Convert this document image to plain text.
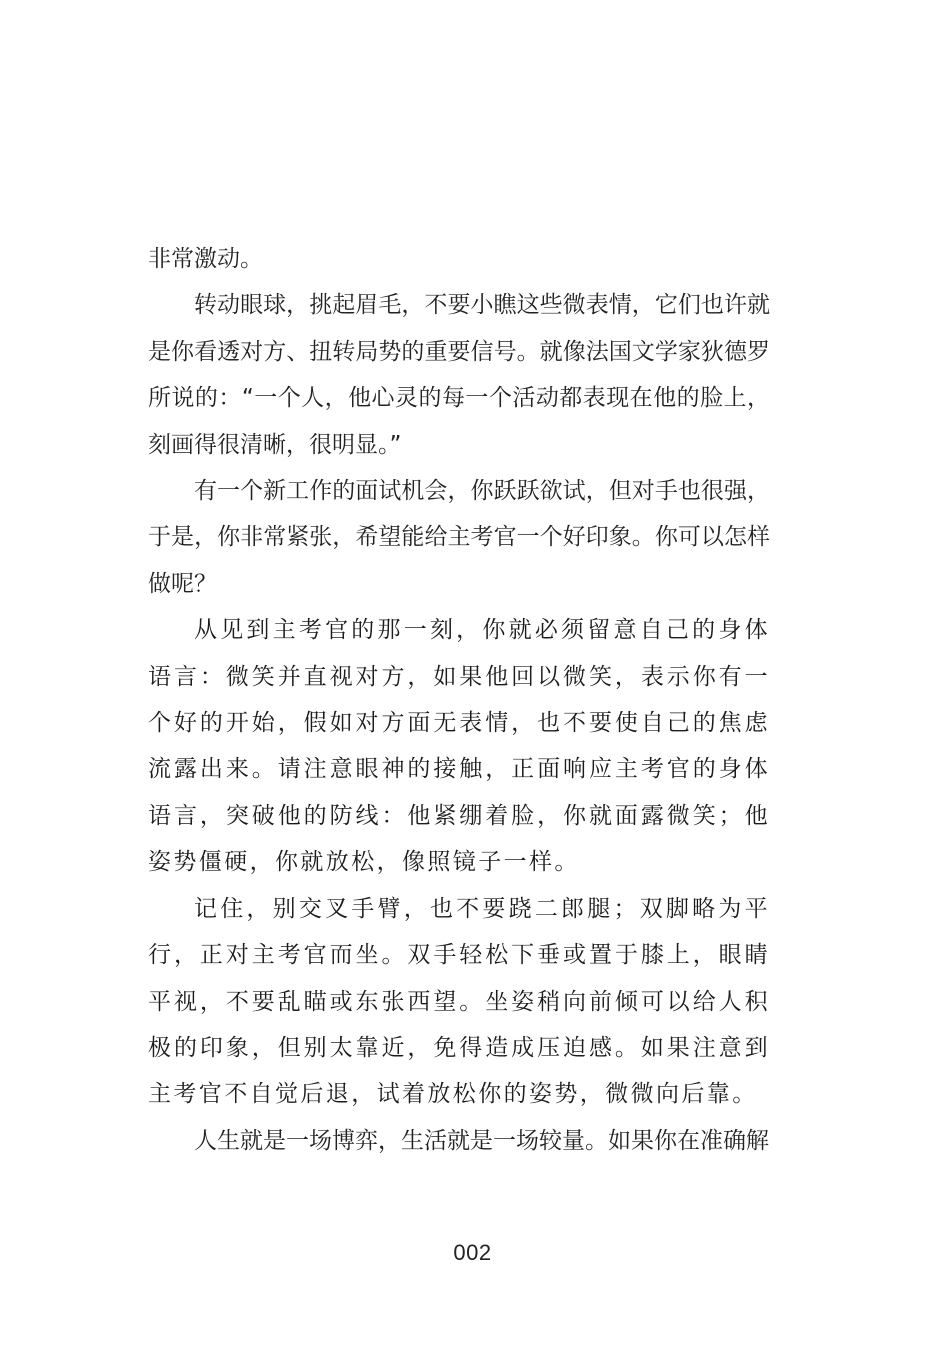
非常激动。

转动眼球，挑起眉毛，不要小瞧这些微表情，它们也许就是你看透对方、扭转局势的重要信号。就像法国文学家狄德罗所说的：“一个人，他心灵的每一个活动都表现在他的脸上，刻画得很清晰，很明显。”

有一个新工作的面试机会，你跃跃欲试，但对手也很强，于是，你非常紧张，希望能给主考官一个好印象。你可以怎样做呢？

从见到主考官的那一刻，你就必须留意自己的身体语言：微笑并直视对方，如果他回以微笑，表示你有一个好的开始，假如对方面无表情，也不要使自己的焦虑流露出来。请注意眼神的接触，正面响应主考官的身体语言，突破他的防线：他紧绷着脸，你就面露微笑；他姿势僵硬，你就放松，像照镜子一样。

记住，别交叉手臂，也不要跷二郎腿；双脚略为平行，正对主考官而坐。双手轻松下垂或置于膝上，眼睛平视，不要乱瞄或东张西望。坐姿稍向前倾可以给人积极的印象，但别太靠近，免得造成压迫感。如果注意到主考官不自觉后退，试着放松你的姿势，微微向后靠。

人生就是一场博弈，生活就是一场较量。如果你在准确解

002
